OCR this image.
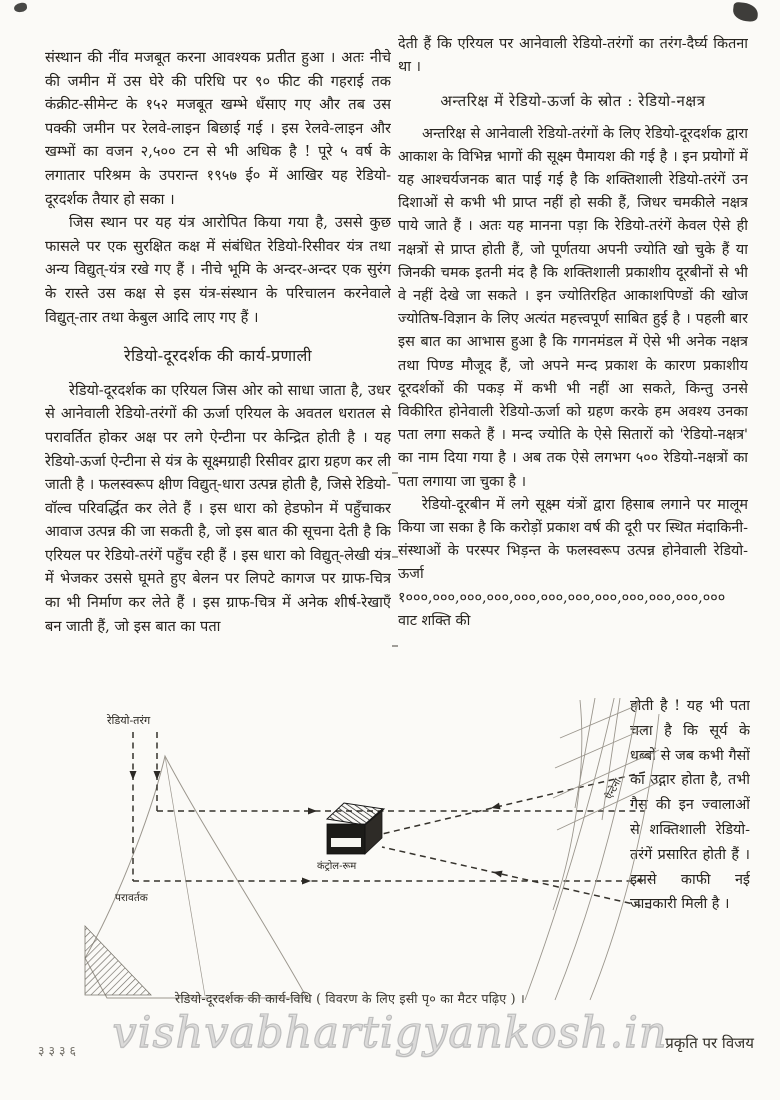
संस्थान की नींव मजबूत करना आवश्यक प्रतीत हुआ । अतः नीचे की जमीन में उस घेरे की परिधि पर ९० फीट की गहराई तक कंक्रीट-सीमेन्ट के १५२ मजबूत खम्भे धँसाए गए और तब उस पक्की जमीन पर रेलवे-लाइन बिछाई गई । इस रेलवे-लाइन और खम्भों का वजन २,५०० टन से भी अधिक है ! पूरे ५ वर्ष के लगातार परिश्रम के उपरान्त १९५७ ई० में आखिर यह रेडियो-दूरदर्शक तैयार हो सका ।

जिस स्थान पर यह यंत्र आरोपित किया गया है, उससे कुछ फासले पर एक सुरक्षित कक्ष में संबंधित रेडियो-रिसीवर यंत्र तथा अन्य विद्युत्-यंत्र रखे गए हैं । नीचे भूमि के अन्दर-अन्दर एक सुरंग के रास्ते उस कक्ष से इस यंत्र-संस्थान के परिचालन करनेवाले विद्युत्-तार तथा केबुल आदि लाए गए हैं ।

रेडियो-दूरदर्शक की कार्य-प्रणाली

रेडियो-दूरदर्शक का एरियल जिस ओर को साधा जाता है, उधर से आनेवाली रेडियो-तरंगों की ऊर्जा एरियल के अवतल धरातल से परावर्तित होकर अक्ष पर लगे ऐन्टीना पर केन्द्रित होती है । यह रेडियो-ऊर्जा ऐन्टीना से यंत्र के सूक्ष्मग्राही रिसीवर द्वारा ग्रहण कर ली जाती है । फलस्वरूप क्षीण विद्युत्-धारा उत्पन्न होती है, जिसे रेडियो-वॉल्व परिवर्द्धित कर लेते हैं । इस धारा को हेडफोन में पहुँचाकर आवाज उत्पन्न की जा सकती है, जो इस बात की सूचना देती है कि एरियल पर रेडियो-तरंगें पहुँच रही हैं । इस धारा को विद्युत्-लेखी यंत्र में भेजकर उससे घूमते हुए बेलन पर लिपटे कागज पर ग्राफ-चित्र का भी निर्माण कर लेते हैं । इस ग्राफ-चित्र में अनेक शीर्ष-रेखाएँ बन जाती हैं, जो इस बात का पता

देती हैं कि एरियल पर आनेवाली रेडियो-तरंगों का तरंग-दैर्घ्य कितना था ।

अन्तरिक्ष में रेडियो-ऊर्जा के स्रोत : रेडियो-नक्षत्र

अन्तरिक्ष से आनेवाली रेडियो-तरंगों के लिए रेडियो-दूरदर्शक द्वारा आकाश के विभिन्न भागों की सूक्ष्म पैमायश की गई है । इन प्रयोगों में यह आश्चर्यजनक बात पाई गई है कि शक्तिशाली रेडियो-तरंगें उन दिशाओं से कभी भी प्राप्त नहीं हो सकी हैं, जिधर चमकीले नक्षत्र पाये जाते हैं । अतः यह मानना पड़ा कि रेडियो-तरंगें केवल ऐसे ही नक्षत्रों से प्राप्त होती हैं, जो पूर्णतया अपनी ज्योति खो चुके हैं या जिनकी चमक इतनी मंद है कि शक्तिशाली प्रकाशीय दूरबीनों से भी वे नहीं देखे जा सकते । इन ज्योतिरहित आकाशपिण्डों की खोज ज्योतिष-विज्ञान के लिए अत्यंत महत्त्वपूर्ण साबित हुई है । पहली बार इस बात का आभास हुआ है कि गगनमंडल में ऐसे भी अनेक नक्षत्र तथा पिण्ड मौजूद हैं, जो अपने मन्द प्रकाश के कारण प्रकाशीय दूरदर्शकों की पकड़ में कभी भी नहीं आ सकते, किन्तु उनसे विकीरित होनेवाली रेडियो-ऊर्जा को ग्रहण करके हम अवश्य उनका पता लगा सकते हैं । मन्द ज्योति के ऐसे सितारों को 'रेडियो-नक्षत्र' का नाम दिया गया है । अब तक ऐसे लगभग ५०० रेडियो-नक्षत्रों का पता लगाया जा चुका है ।

रेडियो-दूरबीन में लगे सूक्ष्म यंत्रों द्वारा हिसाब लगाने पर मालूम किया जा सका है कि करोड़ों प्रकाश वर्ष की दूरी पर स्थित मंदाकिनी-संस्थाओं के परस्पर भिड़न्त के फलस्वरूप उत्पन्न होनेवाली रेडियो-ऊर्जा १०००,०००,०००,०००,०००,०००,०००,०००,०००,०००,०००,००० वाट शक्ति की

होती है ! यह भी पता चला है कि सूर्य के धब्बों से जब कभी गैसों का उद्गार होता है, तभी गैस की इन ज्वालाओं से शक्तिशाली रेडियो-तरंगें प्रसारित होती हैं । इससे काफी नई जानकारी मिली है ।
रेडियो-तरंग
परावर्तक
कंट्रोल-रूम
ऐन्टेना
रेडियो-दूरदर्शक की कार्य-विधि ( विवरण के लिए इसी पृ० का मैटर पढ़िए ) ।
vishvabhartigyankosh.in
३३३६	प्रकृति पर विजय
